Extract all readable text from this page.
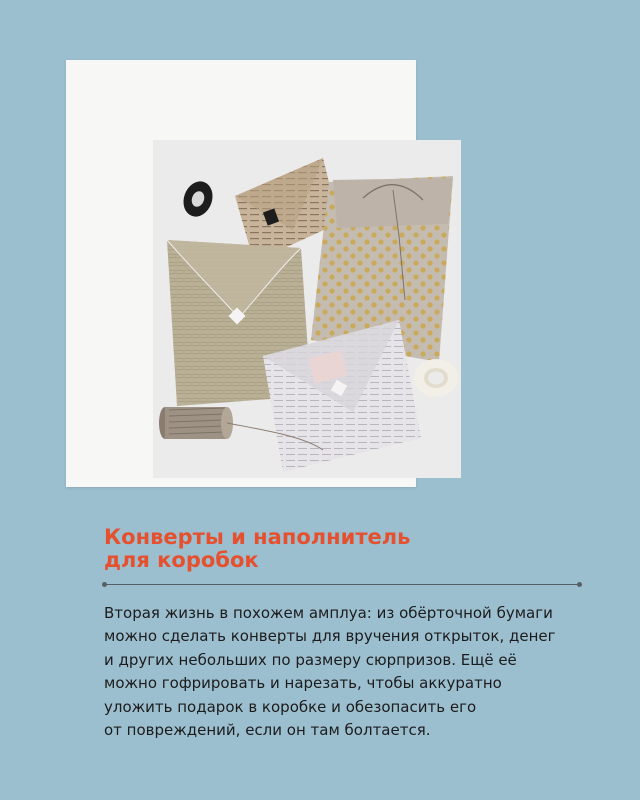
Конверты и наполнитель
для коробок

Вторая жизнь в похожем амплуа: из обёрточной бумаги
можно сделать конверты для вручения открыток, денег
и других небольших по размеру сюрпризов. Ещё её
можно гофрировать и нарезать, чтобы аккуратно
уложить подарок в коробке и обезопасить его
от повреждений, если он там болтается.
